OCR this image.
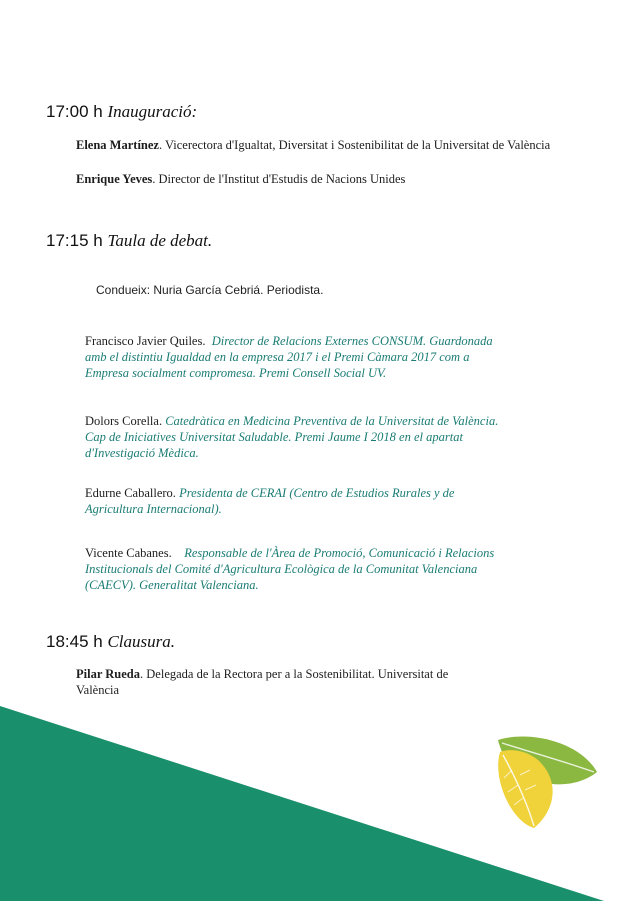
17:00 h Inauguració:
Elena Martínez. Vicerectora d'Igualtat, Diversitat i Sostenibilitat de la Universitat de València
Enrique Yeves. Director de l'Institut d'Estudis de Nacions Unides
17:15 h Taula de debat.
Condueix: Nuria García Cebriá. Periodista.
Francisco Javier Quiles. Director de Relacions Externes CONSUM. Guardonada amb el distintiu Igualdad en la empresa 2017 i el Premi Càmara 2017 com a Empresa socialment compromesa. Premi Consell Social UV.
Dolors Corella. Catedràtica en Medicina Preventiva de la Universitat de València. Cap de Iniciatives Universitat Saludable. Premi Jaume I 2018 en el apartat d'Investigació Mèdica.
Edurne Caballero. Presidenta de CERAI (Centro de Estudios Rurales y de Agricultura Internacional).
Vicente Cabanes. Responsable de l'Àrea de Promoció, Comunicació i Relacions Institucionals del Comité d'Agricultura Ecològica de la Comunitat Valenciana (CAECV). Generalitat Valenciana.
18:45 h Clausura.
Pilar Rueda. Delegada de la Rectora per a la Sostenibilitat. Universitat de València
